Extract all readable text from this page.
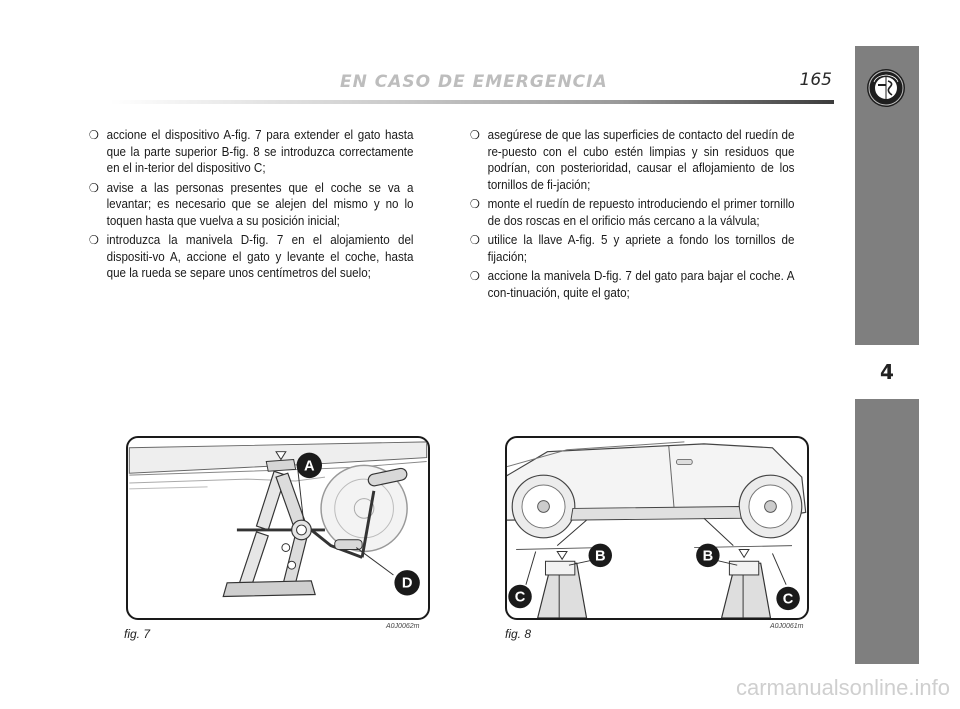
EN CASO DE EMERGENCIA	165
4
❍ accione el dispositivo A-fig. 7 para extender el gato hasta que la parte superior B-fig. 8 se introduzca correctamente en el in-terior del dispositivo C;
❍ avise a las personas presentes que el coche se va a levantar; es necesario que se alejen del mismo y no lo toquen hasta que vuelva a su posición inicial;
❍ introduzca la manivela D-fig. 7 en el alojamiento del dispositi-vo A, accione el gato y levante el coche, hasta que la rueda se separe unos centímetros del suelo;
❍ asegúrese de que las superficies de contacto del ruedín de re-puesto con el cubo estén limpias y sin residuos que podrían, con posterioridad, causar el aflojamiento de los tornillos de fi-jación;
❍ monte el ruedín de repuesto introduciendo el primer tornillo de dos roscas en el orificio más cercano a la válvula;
❍ utilice la llave A-fig. 5 y apriete a fondo los tornillos de fijación;
❍ accione la manivela D-fig. 7 del gato para bajar el coche. A con-tinuación, quite el gato;
A
D
B
C
B
C
fig. 7
A0J0062m
fig. 8
A0J0061m
carmanualsonline.info
